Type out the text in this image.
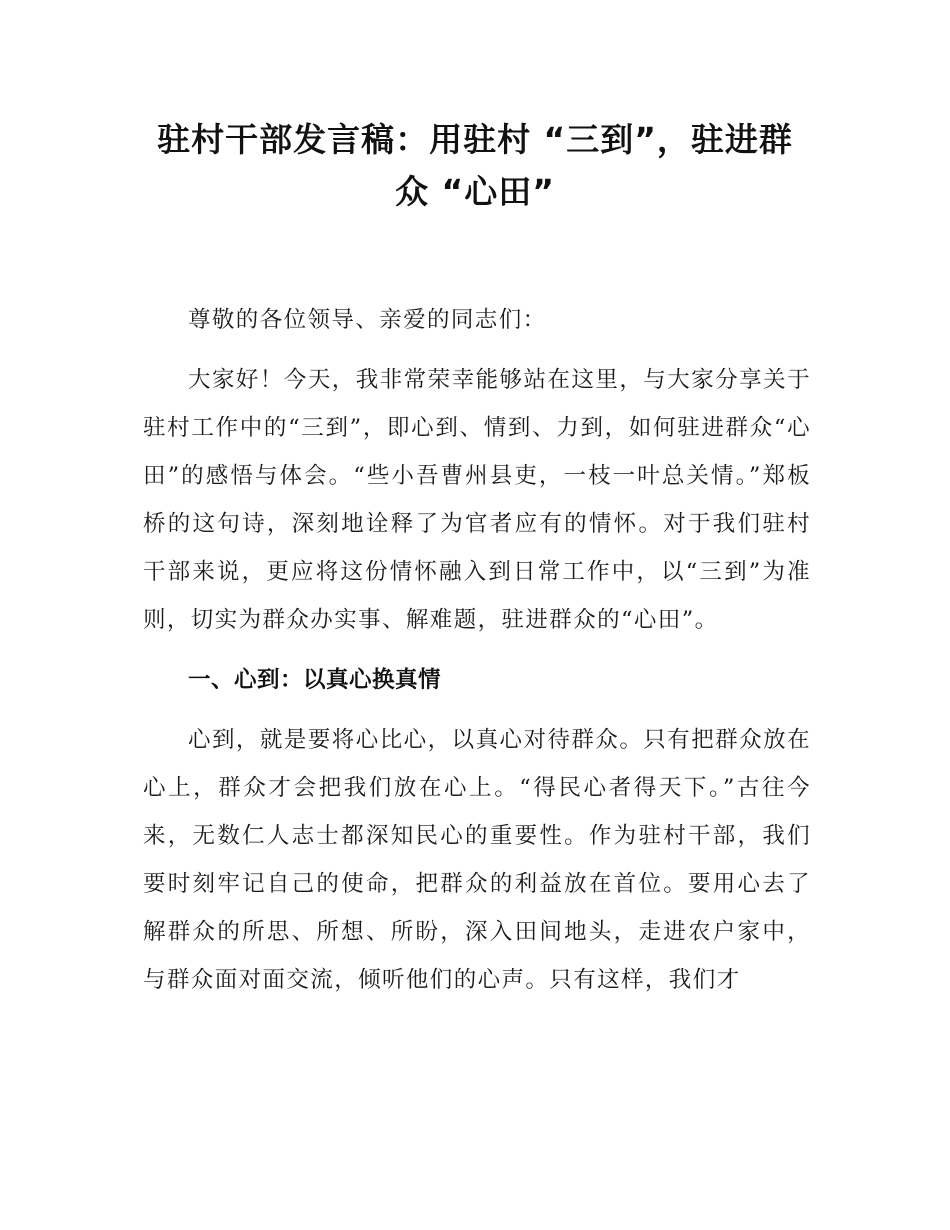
驻村干部发言稿：用驻村 “三到”，驻进群
众 “心田”

尊敬的各位领导、亲爱的同志们：

大家好！今天，我非常荣幸能够站在这里，与大家分享关于驻村工作中的“三到”，即心到、情到、力到，如何驻进群众“心田”的感悟与体会。“些小吾曹州县吏，一枝一叶总关情。”郑板桥的这句诗，深刻地诠释了为官者应有的情怀。对于我们驻村干部来说，更应将这份情怀融入到日常工作中，以“三到”为准则，切实为群众办实事、解难题，驻进群众的“心田”。

一、心到：以真心换真情

心到，就是要将心比心，以真心对待群众。只有把群众放在心上，群众才会把我们放在心上。“得民心者得天下。”古往今来，无数仁人志士都深知民心的重要性。作为驻村干部，我们要时刻牢记自己的使命，把群众的利益放在首位。要用心去了解群众的所思、所想、所盼，深入田间地头，走进农户家中，与群众面对面交流，倾听他们的心声。只有这样，我们才
